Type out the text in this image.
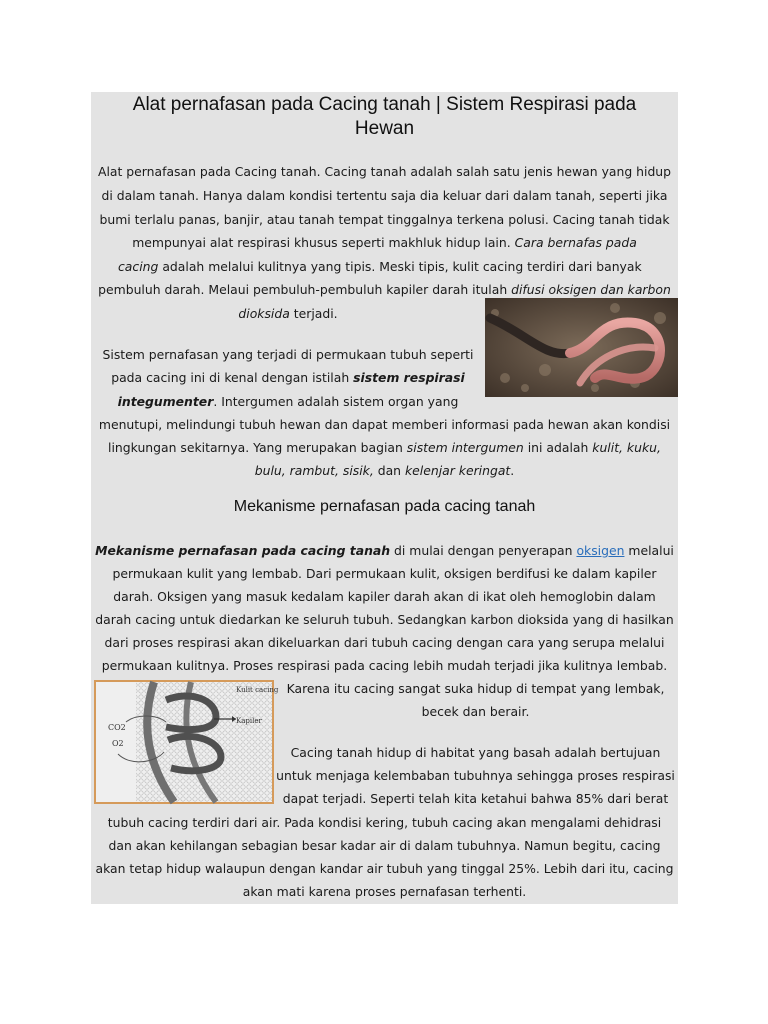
Alat pernafasan pada Cacing tanah | Sistem Respirasi pada
Hewan
Alat pernafasan pada Cacing tanah. Cacing tanah adalah salah satu jenis hewan yang hidup
di dalam tanah. Hanya dalam kondisi tertentu saja dia keluar dari dalam tanah, seperti jika
bumi terlalu panas, banjir, atau tanah tempat tinggalnya terkena polusi. Cacing tanah tidak
mempunyai alat respirasi khusus seperti makhluk hidup lain. Cara bernafas pada
cacing adalah melalui kulitnya yang tipis. Meski tipis, kulit cacing terdiri dari banyak
pembuluh darah. Melaui pembuluh-pembuluh kapiler darah itulah difusi oksigen dan karbon
dioksida terjadi.
Sistem pernafasan yang terjadi di permukaan tubuh seperti
pada cacing ini di kenal dengan istilah sistem respirasi
integumenter. Intergumen adalah sistem organ yang
menutupi, melindungi tubuh hewan dan dapat memberi informasi pada hewan akan kondisi
lingkungan sekitarnya. Yang merupakan bagian sistem intergumen ini adalah kulit, kuku,
bulu, rambut, sisik, dan kelenjar keringat.
Mekanisme pernafasan pada cacing tanah
Mekanisme pernafasan pada cacing tanah di mulai dengan penyerapan oksigen melalui
permukaan kulit yang lembab. Dari permukaan kulit, oksigen berdifusi ke dalam kapiler
darah. Oksigen yang masuk kedalam kapiler darah akan di ikat oleh hemoglobin dalam
darah cacing untuk diedarkan ke seluruh tubuh. Sedangkan karbon dioksida yang di hasilkan
dari proses respirasi akan dikeluarkan dari tubuh cacing dengan cara yang serupa melalui
permukaan kulitnya. Proses respirasi pada cacing lebih mudah terjadi jika kulitnya lembab.
Kulit cacing
Kapiler
CO2
O2
Karena itu cacing sangat suka hidup di tempat yang lembak,
becek dan berair.
Cacing tanah hidup di habitat yang basah adalah bertujuan
untuk menjaga kelembaban tubuhnya sehingga proses respirasi
dapat terjadi. Seperti telah kita ketahui bahwa 85% dari berat
tubuh cacing terdiri dari air. Pada kondisi kering, tubuh cacing akan mengalami dehidrasi
dan akan kehilangan sebagian besar kadar air di dalam tubuhnya. Namun begitu, cacing
akan tetap hidup walaupun dengan kandar air tubuh yang tinggal 25%. Lebih dari itu, cacing
akan mati karena proses pernafasan terhenti.
